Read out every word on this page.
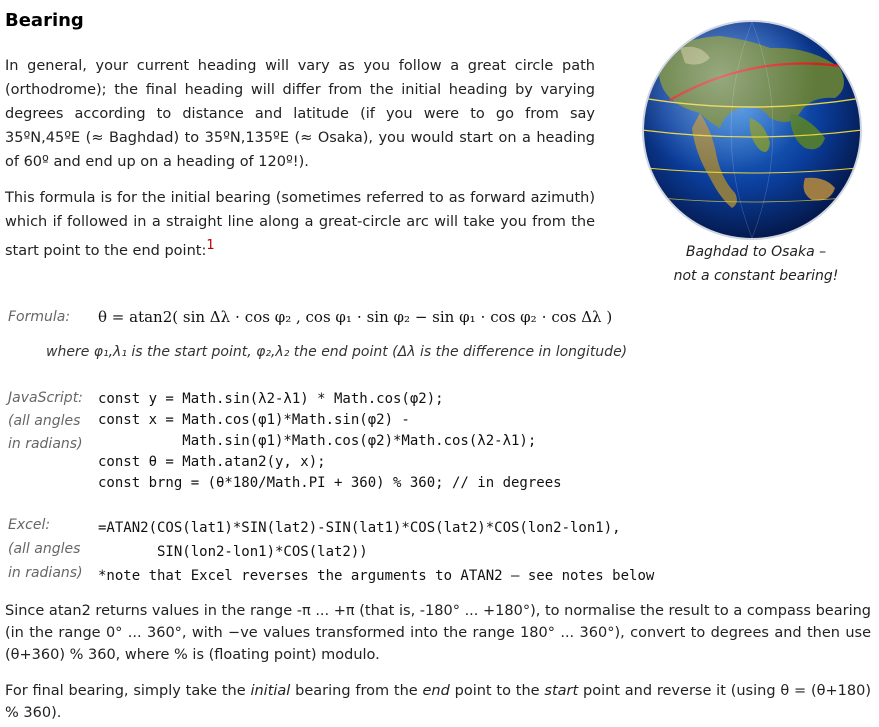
Bearing
In general, your current heading will vary as you follow a great circle path (orthodrome); the final heading will differ from the initial heading by varying degrees according to distance and latitude (if you were to go from say 35ºN,45ºE (≈ Baghdad) to 35ºN,135ºE (≈ Osaka), you would start on a heading of 60º and end up on a heading of 120º!).
This formula is for the initial bearing (sometimes referred to as forward azimuth) which if followed in a straight line along a great-circle arc will take you from the start point to the end point:$^1$	Baghdad to Osaka –
not a constant bearing!
Formula: θ = atan2( sin Δλ ⋅ cos φ₂ , cos φ₁ ⋅ sin φ₂ − sin φ₁ ⋅ cos φ₂ ⋅ cos Δλ )
where φ₁,λ₁ is the start point, φ₂,λ₂ the end point (Δλ is the difference in longitude)
JavaScript:
(all angles
in radians)
const y = Math.sin(λ2-λ1) * Math.cos(φ2);
const x = Math.cos(φ1)*Math.sin(φ2) -
Math.sin(φ1)*Math.cos(φ2)*Math.cos(λ2-λ1);
const θ = Math.atan2(y, x);
const brng = (θ*180/Math.PI + 360) % 360; // in degrees
Excel:
(all angles
in radians)
=ATAN2(COS(lat1)*SIN(lat2)-SIN(lat1)*COS(lat2)*COS(lon2-lon1),
SIN(lon2-lon1)*COS(lat2))
*note that Excel reverses the arguments to ATAN2 – see notes below
Since atan2 returns values in the range -π ... +π (that is, -180° ... +180°), to normalise the result to a compass bearing (in the range 0° ... 360°, with −ve values transformed into the range 180° ... 360°), convert to degrees and then use (θ+360) % 360, where % is (floating point) modulo.
For final bearing, simply take the initial bearing from the end point to the start point and reverse it (using θ = (θ+180) % 360).
